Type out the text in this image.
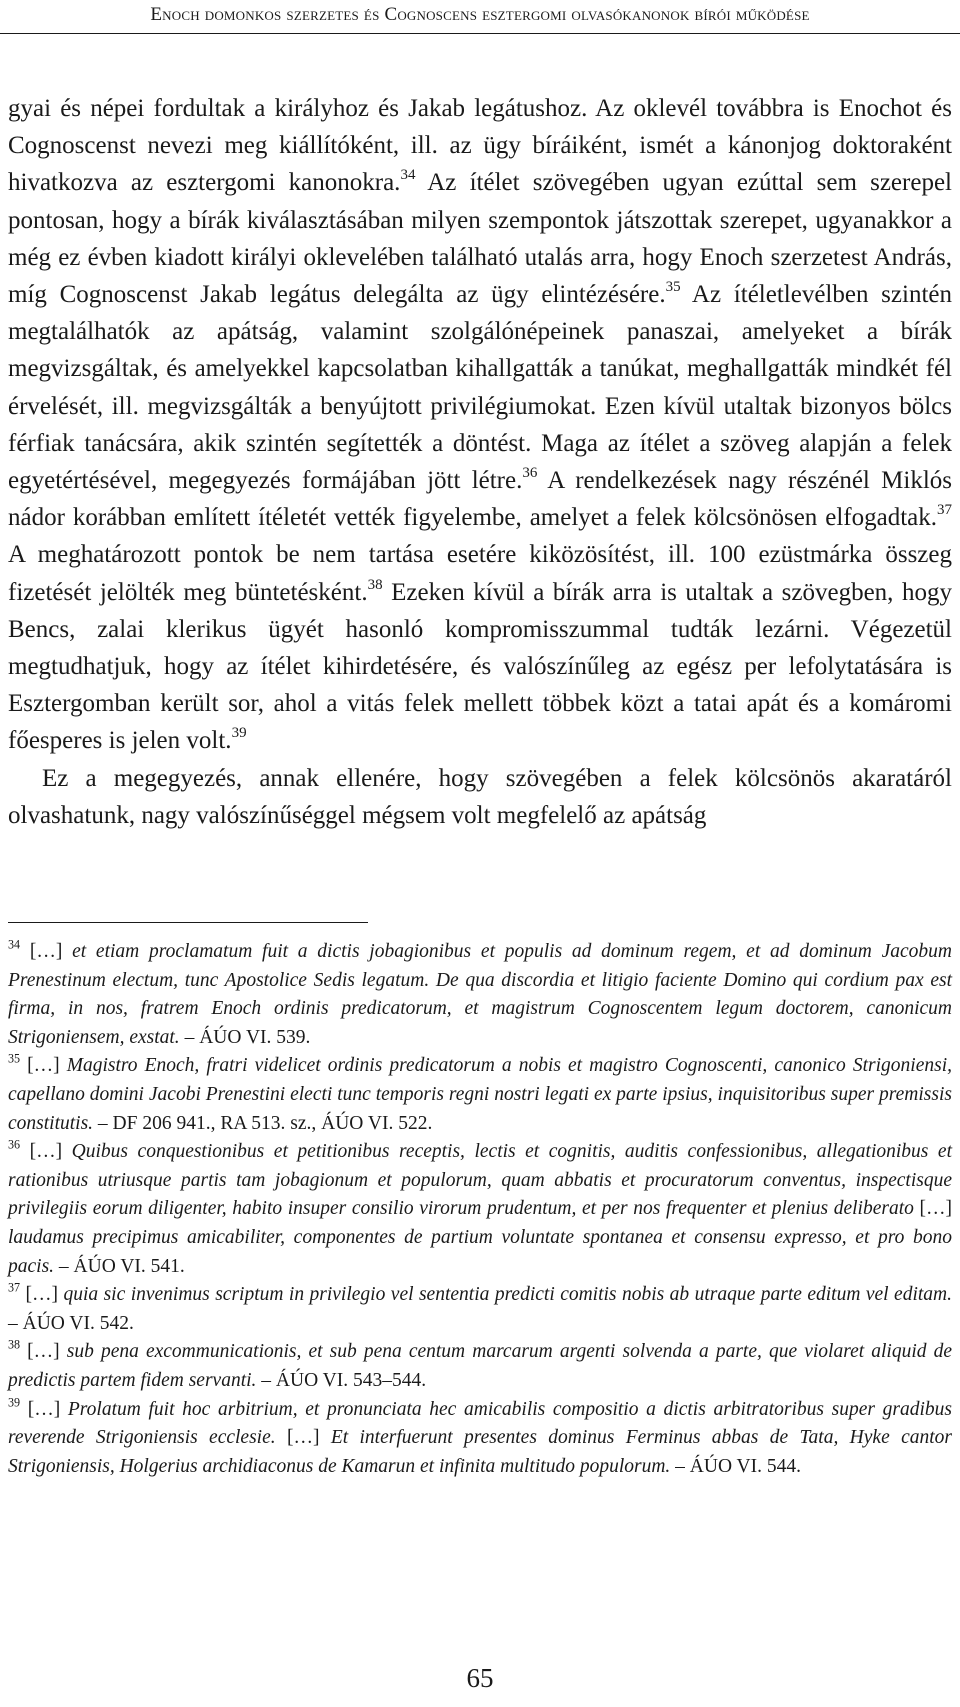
Enoch domonkos szerzetes és Cognoscens esztergomi olvasókanonok bírói működése

gyai és népei fordultak a királyhoz és Jakab legátushoz. Az oklevél továbbra is Enochot és Cognoscenst nevezi meg kiállítóként, ill. az ügy bíráiként, ismét a kánonjog doktoraként hivatkozva az esztergomi kanonokra.$^{34}$ Az ítélet szövegében ugyan ezúttal sem szerepel pontosan, hogy a bírák kiválasztásában milyen szempontok játszottak szerepet, ugyanakkor a még ez évben kiadott királyi oklevelében található utalás arra, hogy Enoch szerzetest András, míg Cognoscenst Jakab legátus delegálta az ügy elintézésére.$^{35}$ Az ítéletlevélben szintén megtalálhatók az apátság, valamint szolgálónépeinek panaszai, amelyeket a bírák megvizsgáltak, és amelyekkel kapcsolatban kihallgatták a tanúkat, meghallgatták mindkét fél érvelését, ill. megvizsgálták a benyújtott privilégiumokat. Ezen kívül utaltak bizonyos bölcs férfiak tanácsára, akik szintén segítették a döntést. Maga az ítélet a szöveg alapján a felek egyetértésével, megegyezés formájában jött létre.$^{36}$ A rendelkezések nagy részénél Miklós nádor korábban említett ítéletét vették figyelembe, amelyet a felek kölcsönösen elfogadtak.$^{37}$ A meghatározott pontok be nem tartása esetére kiközösítést, ill. 100 ezüstmárka összeg fizetését jelölték meg büntetésként.$^{38}$ Ezeken kívül a bírák arra is utaltak a szövegben, hogy Bencs, zalai klerikus ügyét hasonló kompromisszummal tudták lezárni. Végezetül megtudhatjuk, hogy az ítélet kihirdetésére, és valószínűleg az egész per lefolytatására is Esztergomban került sor, ahol a vitás felek mellett többek közt a tatai apát és a komáromi főesperes is jelen volt.$^{39}$

Ez a megegyezés, annak ellenére, hogy szövegében a felek kölcsönös akaratáról olvashatunk, nagy valószínűséggel mégsem volt megfelelő az apátság

$^{34}$ […] et etiam proclamatum fuit a dictis jobagionibus et populis ad dominum regem, et ad dominum Jacobum Prenestinum electum, tunc Apostolice Sedis legatum. De qua discordia et litigio faciente Domino qui cordium pax est firma, in nos, fratrem Enoch ordinis predicatorum, et magistrum Cognoscentem legum doctorem, canonicum Strigoniensem, exstat. – ÁÚO VI. 539.

$^{35}$ […] Magistro Enoch, fratri videlicet ordinis predicatorum a nobis et magistro Cognoscenti, canonico Strigoniensi, capellano domini Jacobi Prenestini electi tunc temporis regni nostri legati ex parte ipsius, inquisitoribus super premissis constitutis. – DF 206 941., RA 513. sz., ÁÚO VI. 522.

$^{36}$ […] Quibus conquestionibus et petitionibus receptis, lectis et cognitis, auditis confessionibus, allegationibus et rationibus utriusque partis tam jobagionum et populorum, quam abbatis et procuratorum conventus, inspectisque privilegiis eorum diligenter, habito insuper consilio virorum prudentum, et per nos frequenter et plenius deliberato […] laudamus precipimus amicabiliter, componentes de partium voluntate spontanea et consensu expresso, et pro bono pacis. – ÁÚO VI. 541.

$^{37}$ […] quia sic invenimus scriptum in privilegio vel sententia predicti comitis nobis ab utraque parte editum vel editam. – ÁÚO VI. 542.

$^{38}$ […] sub pena excommunicationis, et sub pena centum marcarum argenti solvenda a parte, que violaret aliquid de predictis partem fidem servanti. – ÁÚO VI. 543–544.

$^{39}$ […] Prolatum fuit hoc arbitrium, et pronunciata hec amicabilis compositio a dictis arbitratoribus super gradibus reverende Strigoniensis ecclesie. […] Et interfuerunt presentes dominus Ferminus abbas de Tata, Hyke cantor Strigoniensis, Holgerius archidiaconus de Kamarun et infinita multitudo populorum. – ÁÚO VI. 544.

65
